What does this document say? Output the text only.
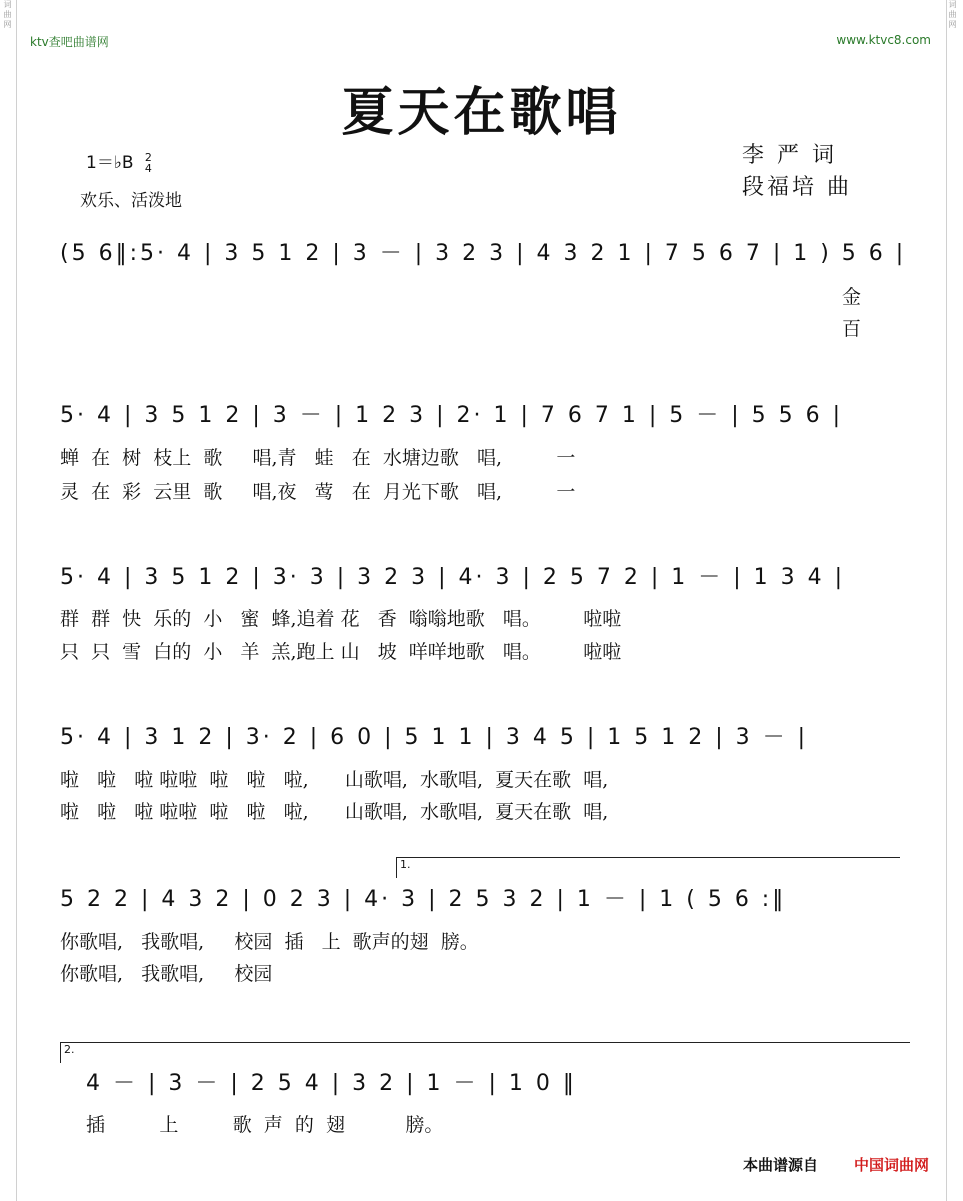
词曲网	词曲网
ktv查吧曲谱网	www.ktvc8.com
夏天在歌唱
1＝♭B 2
4
欢乐、活泼地
李 严 词
段福培 曲
(5 6‖:5· 4 | 3 5 1 2 | 3 － | 3 2 3 | 4 3 2 1 | 7 5 6 7 | 1 ) 5 6 |
金
百
5· 4 | 3 5 1 2 | 3 － | 1 2 3 | 2· 1 | 7 6 7 1 | 5 － | 5 5 6 |
蝉  在  树  枝上  歌     唱,青   蛙   在  水塘边歌   唱,         一
灵  在  彩  云里  歌     唱,夜   莺   在  月光下歌   唱,         一
5· 4 | 3 5 1 2 | 3· 3 | 3 2 3 | 4· 3 | 2 5 7 2 | 1 － | 1 3 4 |
群  群  快  乐的  小   蜜  蜂,追着 花   香  嗡嗡地歌   唱。       啦啦
只  只  雪  白的  小   羊  羔,跑上 山   坡  咩咩地歌   唱。       啦啦
5· 4 | 3 1 2 | 3· 2 | 6 0 | 5 1 1 | 3 4 5 | 1 5 1 2 | 3 － |
啦   啦   啦 啦啦  啦   啦   啦,      山歌唱,  水歌唱,  夏天在歌  唱,
啦   啦   啦 啦啦  啦   啦   啦,      山歌唱,  水歌唱,  夏天在歌  唱,
1.
5 2 2 | 4 3 2 | 0 2 3 | 4· 3 | 2 5 3 2 | 1 － | 1 ( 5 6 :‖
你歌唱,   我歌唱,     校园  插   上  歌声的翅  膀。
你歌唱,   我歌唱,     校园
2.
4 － | 3 － | 2 5 4 | 3 2 | 1 － | 1 0 ‖
插         上         歌  声  的  翅          膀。
本曲谱源自 中国词曲网
